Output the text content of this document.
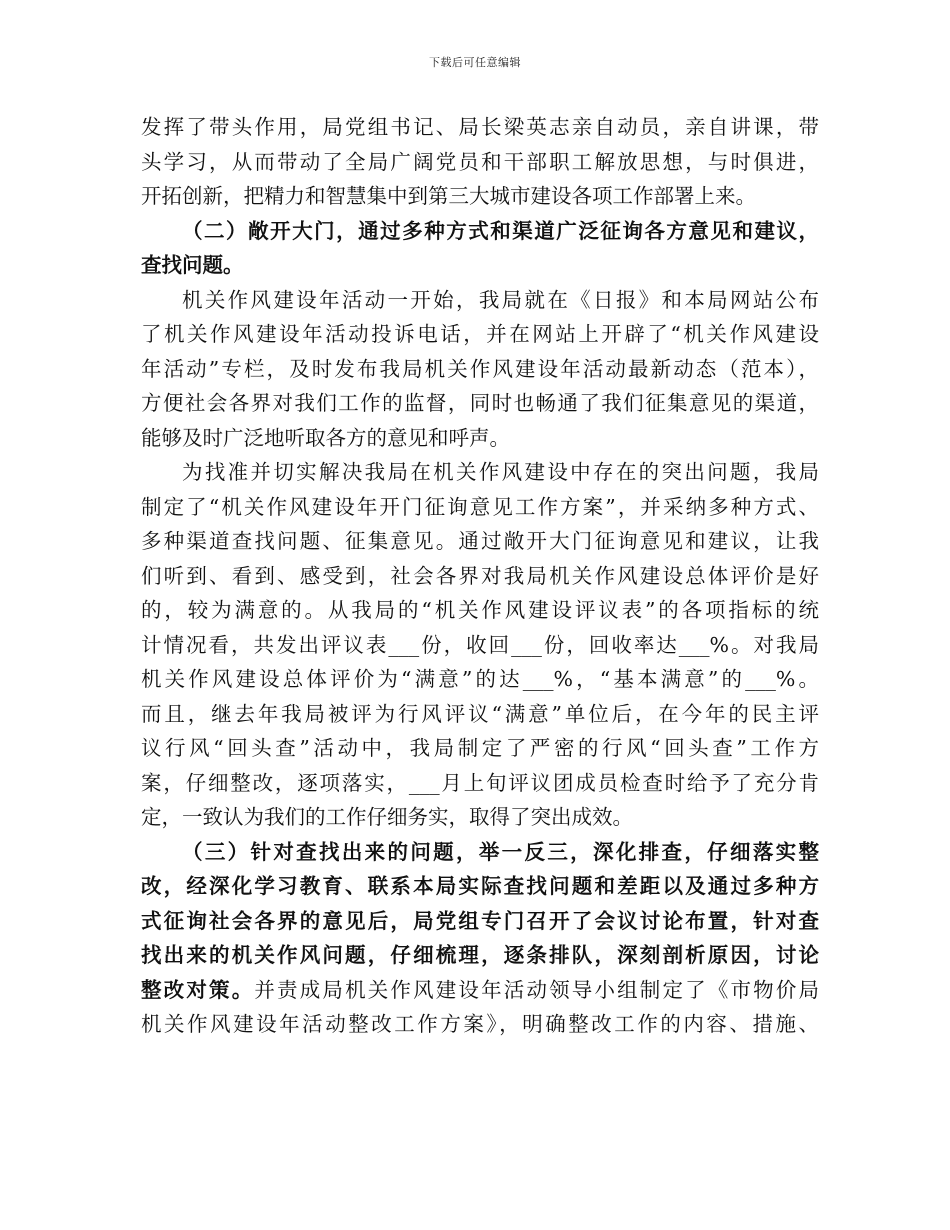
下载后可任意编辑
发挥了带头作用，局党组书记、局长梁英志亲自动员，亲自讲课，带
头学习，从而带动了全局广阔党员和干部职工解放思想，与时俱进，
开拓创新，把精力和智慧集中到第三大城市建设各项工作部署上来。
（二）敞开大门，通过多种方式和渠道广泛征询各方意见和建议，
查找问题。
机关作风建设年活动一开始，我局就在《日报》和本局网站公布
了机关作风建设年活动投诉电话，并在网站上开辟了“机关作风建设
年活动”专栏，及时发布我局机关作风建设年活动最新动态（范本），
方便社会各界对我们工作的监督，同时也畅通了我们征集意见的渠道，
能够及时广泛地听取各方的意见和呼声。
为找准并切实解决我局在机关作风建设中存在的突出问题，我局
制定了“机关作风建设年开门征询意见工作方案”，并采纳多种方式、
多种渠道查找问题、征集意见。通过敞开大门征询意见和建议，让我
们听到、看到、感受到，社会各界对我局机关作风建设总体评价是好
的，较为满意的。从我局的“机关作风建设评议表”的各项指标的统
计情况看，共发出评议表___份，收回___份，回收率达___%。对我局
机关作风建设总体评价为“满意”的达___%，“基本满意”的___%。
而且，继去年我局被评为行风评议“满意”单位后，在今年的民主评
议行风“回头查”活动中，我局制定了严密的行风“回头查”工作方
案，仔细整改，逐项落实，___月上旬评议团成员检查时给予了充分肯
定，一致认为我们的工作仔细务实，取得了突出成效。
（三）针对查找出来的问题，举一反三，深化排查，仔细落实整
改，经深化学习教育、联系本局实际查找问题和差距以及通过多种方
式征询社会各界的意见后，局党组专门召开了会议讨论布置，针对查
找出来的机关作风问题，仔细梳理，逐条排队，深刻剖析原因，讨论
整改对策。并责成局机关作风建设年活动领导小组制定了《市物价局
机关作风建设年活动整改工作方案》，明确整改工作的内容、措施、
